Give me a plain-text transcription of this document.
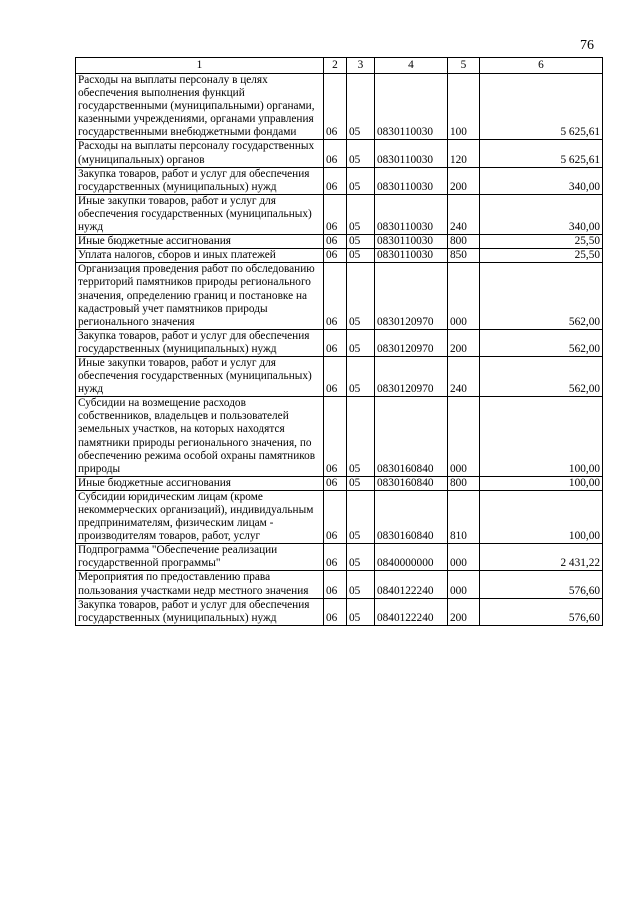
76
1	2	3	4	5	6
Расходы на выплаты персоналу в целях обеспечения выполнения функций государственными (муниципальными) органами, казенными учреждениями, органами управления государственными внебюджетными фондами	06	05	0830110030	100	5 625,61
Расходы на выплаты персоналу государственных (муниципальных) органов	06	05	0830110030	120	5 625,61
Закупка товаров, работ и услуг для обеспечения государственных (муниципальных) нужд	06	05	0830110030	200	340,00
Иные закупки товаров, работ и услуг для обеспечения государственных (муниципальных) нужд	06	05	0830110030	240	340,00
Иные бюджетные ассигнования	06	05	0830110030	800	25,50
Уплата налогов, сборов и иных платежей	06	05	0830110030	850	25,50
Организация проведения работ по обследованию территорий памятников природы регионального значения, определению границ и постановке на кадастровый учет памятников природы регионального значения	06	05	0830120970	000	562,00
Закупка товаров, работ и услуг для обеспечения государственных (муниципальных) нужд	06	05	0830120970	200	562,00
Иные закупки товаров, работ и услуг для обеспечения государственных (муниципальных) нужд	06	05	0830120970	240	562,00
Субсидии на возмещение расходов собственников, владельцев и пользователей земельных участков, на которых находятся памятники природы регионального значения, по обеспечению режима особой охраны памятников природы	06	05	0830160840	000	100,00
Иные бюджетные ассигнования	06	05	0830160840	800	100,00
Субсидии юридическим лицам (кроме некоммерческих организаций), индивидуальным предпринимателям, физическим лицам - производителям товаров, работ, услуг	06	05	0830160840	810	100,00
Подпрограмма "Обеспечение реализации государственной программы"	06	05	0840000000	000	2 431,22
Мероприятия по предоставлению права пользования участками недр местного значения	06	05	0840122240	000	576,60
Закупка товаров, работ и услуг для обеспечения государственных (муниципальных) нужд	06	05	0840122240	200	576,60
